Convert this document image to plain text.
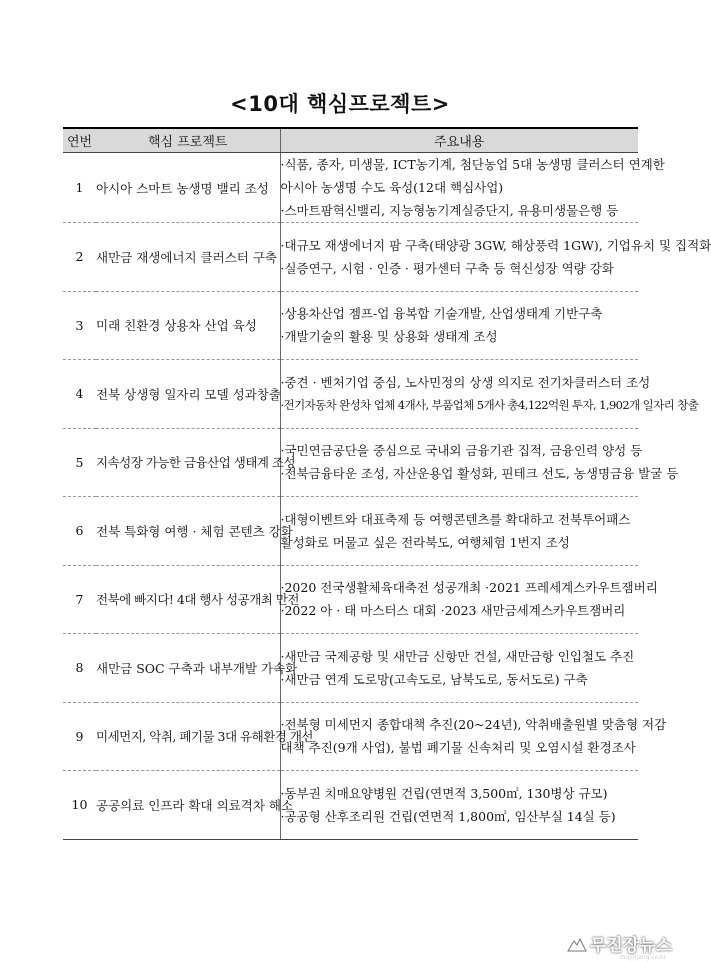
<10대 핵심프로젝트>
연번	핵심 프로젝트	주요내용
1	아시아 스마트 농생명 밸리 조성	·식품, 종자, 미생물, ICT농기계, 첨단농업 5대 농생명 클러스터 연계한
아시아 농생명 수도 육성(12대 핵심사업)
·스마트팜혁신밸리, 지능형농기계실증단지, 유용미생물은행 등

2	새만금 재생에너지 클러스터 구축	·대규모 재생에너지 팜 구축(태양광 3GW, 해상풍력 1GW), 기업유치 및 집적화
·실증연구, 시험 · 인증 · 평가센터 구축 등 혁신성장 역량 강화

3	미래 친환경 상용차 산업 육성	·상용차산업 젬프-업 융복합 기술개발, 산업생태계 기반구축
·개발기술의 활용 및 상용화 생태계 조성

4	전북 상생형 일자리 모델 성과창출	·중견 · 벤처기업 중심, 노사민정의 상생 의지로 전기차클러스터 조성
·전기자동차 완성차 업체 4개사, 부품업체 5개사 총4,122억원 투자, 1,902개 일자리 창출

5	지속성장 가능한 금융산업 생태계 조성	·국민연금공단을 중심으로 국내외 금융기관 집적, 금융인력 양성 등
·전북금융타운 조성, 자산운용업 활성화, 핀테크 선도, 농생명금융 발굴 등

6	전북 특화형 여행 · 체험 콘텐츠 강화	·대형이벤트와 대표축제 등 여행콘텐츠를 확대하고 전북투어패스
활성화로 머물고 싶은 전라북도, 여행체험 1번지 조성

7	전북에 빠지다! 4대 행사 성공개최 만전	·2020 전국생활체육대축전 성공개최 ·2021 프레세계스카우트잼버리
·2022 아 · 태 마스터스 대회 ·2023 새만금세계스카우트잼버리

8	새만금 SOC 구축과 내부개발 가속화	·새만금 국제공항 및 새만금 신항만 건설, 새만금항 인입철도 추진
·새만금 연계 도로망(고속도로, 남북도로, 동서도로) 구축

9	미세먼지, 악취, 폐기물 3대 유해환경 개선	·전북형 미세먼지 종합대책 추진(20~24년), 악취배출원별 맞춤형 저감
대책 추진(9개 사업), 불법 폐기물 신속처리 및 오염시설 환경조사

10	공공의료 인프라 확대 의료격차 해소	·동부권 치매요양병원 건립(연면적 3,500㎡, 130병상 규모)
·공공형 산후조리원 건립(연면적 1,800㎡, 임산부실 14실 등)
무진장뉴스
mujinjang.co.kr
